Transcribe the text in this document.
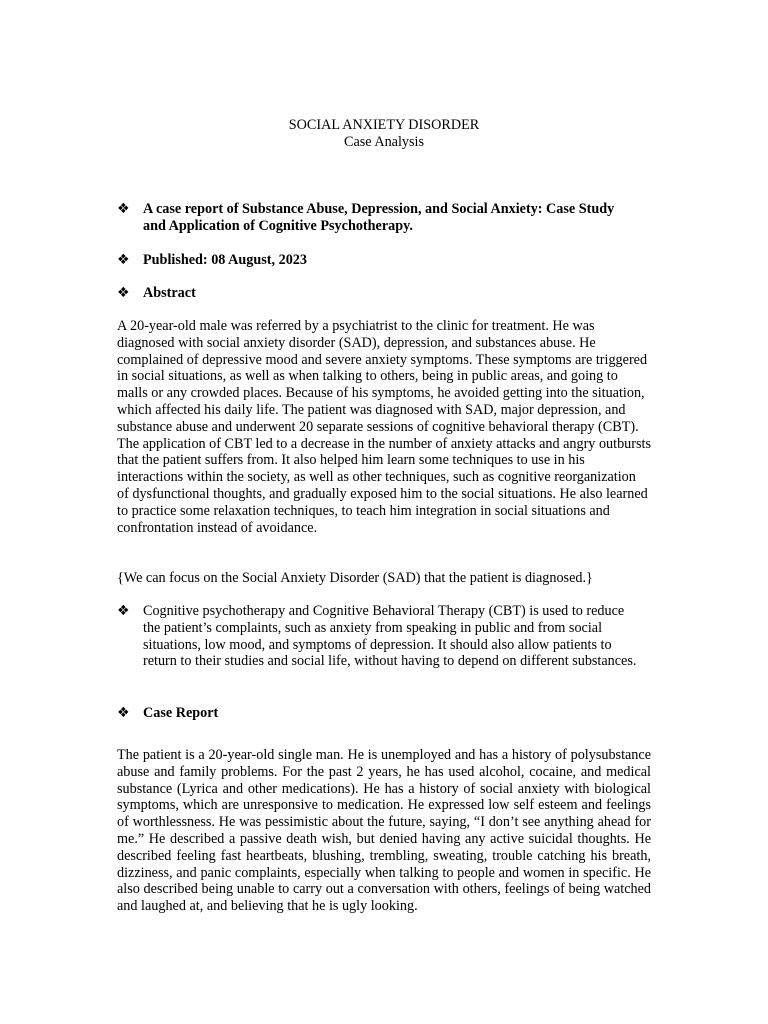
SOCIAL ANXIETY DISORDER
Case Analysis
❖ A case report of Substance Abuse, Depression, and Social Anxiety: Case Study and Application of Cognitive Psychotherapy.
❖ Published: 08 August, 2023
❖ Abstract
A 20-year-old male was referred by a psychiatrist to the clinic for treatment. He was diagnosed with social anxiety disorder (SAD), depression, and substances abuse. He complained of depressive mood and severe anxiety symptoms. These symptoms are triggered in social situations, as well as when talking to others, being in public areas, and going to malls or any crowded places. Because of his symptoms, he avoided getting into the situation, which affected his daily life. The patient was diagnosed with SAD, major depression, and substance abuse and underwent 20 separate sessions of cognitive behavioral therapy (CBT). The application of CBT led to a decrease in the number of anxiety attacks and angry outbursts that the patient suffers from. It also helped him learn some techniques to use in his interactions within the society, as well as other techniques, such as cognitive reorganization of dysfunctional thoughts, and gradually exposed him to the social situations. He also learned to practice some relaxation techniques, to teach him integration in social situations and confrontation instead of avoidance.
{We can focus on the Social Anxiety Disorder (SAD) that the patient is diagnosed.}
❖ Cognitive psychotherapy and Cognitive Behavioral Therapy (CBT) is used to reduce the patient’s complaints, such as anxiety from speaking in public and from social situations, low mood, and symptoms of depression. It should also allow patients to return to their studies and social life, without having to depend on different substances.
❖ Case Report
The patient is a 20-year-old single man. He is unemployed and has a history of polysubstance abuse and family problems. For the past 2 years, he has used alcohol, cocaine, and medical substance (Lyrica and other medications). He has a history of social anxiety with biological symptoms, which are unresponsive to medication. He expressed low self esteem and feelings of worthlessness. He was pessimistic about the future, saying, “I don’t see anything ahead for me.” He described a passive death wish, but denied having any active suicidal thoughts. He described feeling fast heartbeats, blushing, trembling, sweating, trouble catching his breath, dizziness, and panic complaints, especially when talking to people and women in specific. He also described being unable to carry out a conversation with others, feelings of being watched and laughed at, and believing that he is ugly looking.
